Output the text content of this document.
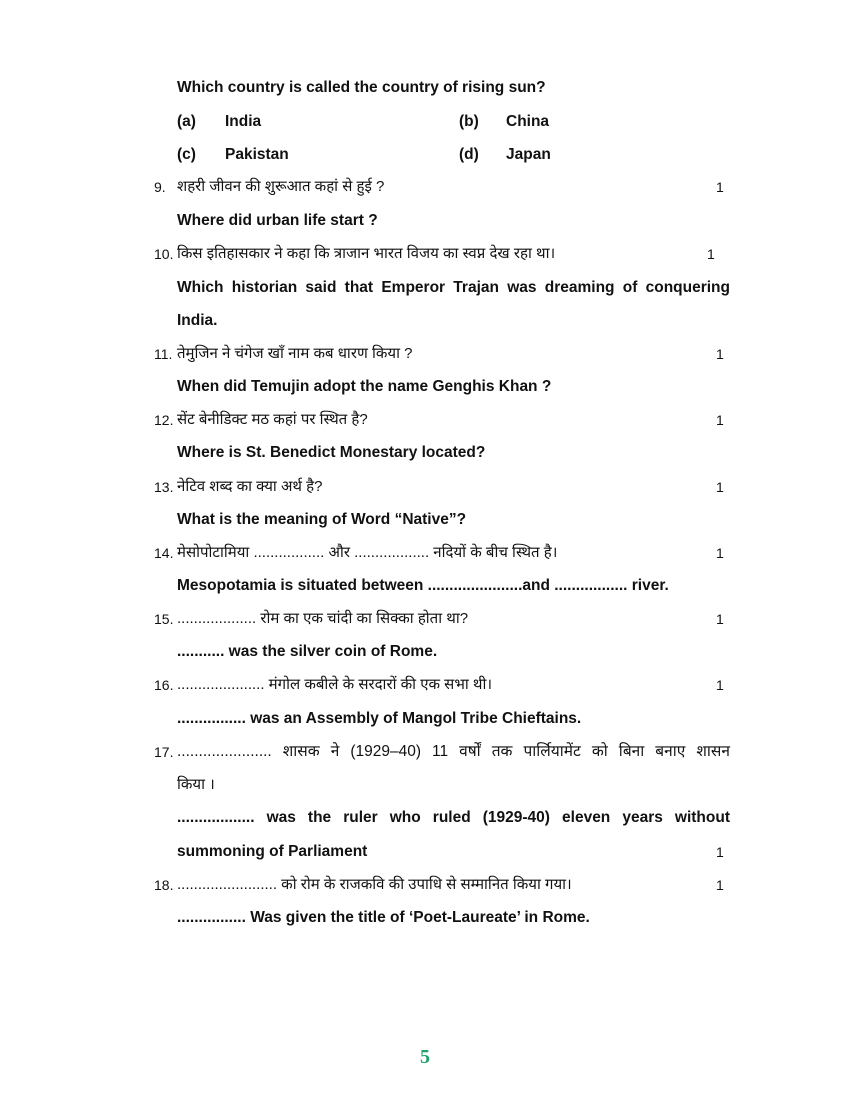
Which country is called the country of rising sun?
(a) India	(b) China
(c) Pakistan	(d) Japan
9. शहरी जीवन की शुरूआत कहां से हुई ?	1
Where did urban life start ?
10. किस इतिहासकार ने कहा कि त्राजान भारत विजय का स्वप्न देख रहा था।	1
Which historian said that Emperor Trajan was dreaming of conquering
India.
11. तेमुजिन ने चंगेज खाँ नाम कब धारण किया ?	1
When did Temujin adopt the name Genghis Khan ?
12. सेंट बेनीडिक्ट मठ कहां पर स्थित है?	1
Where is St. Benedict Monestary located?
13. नेटिव शब्द का क्या अर्थ है?	1
What is the meaning of Word “Native”?
14. मेसोपोटामिया ................. और .................. नदियों के बीच स्थित है।	1
Mesopotamia is situated between ......................and ................. river.
15. ................... रोम का एक चांदी का सिक्का होता था?	1
........... was the silver coin of Rome.
16. ..................... मंगोल कबीले के सरदारों की एक सभा थी।	1
................ was an Assembly of Mangol Tribe Chieftains.
17. ...................... शासक ने (1929–40) 11 वर्षों तक पार्लियामेंट को बिना बनाए शासन
किया ।
.................. was the ruler who ruled (1929-40) eleven years without
summoning of Parliament	1
18. ........................ को रोम के राजकवि की उपाधि से सम्मानित किया गया।	1
................ Was given the title of ‘Poet-Laureate’ in Rome.
5
